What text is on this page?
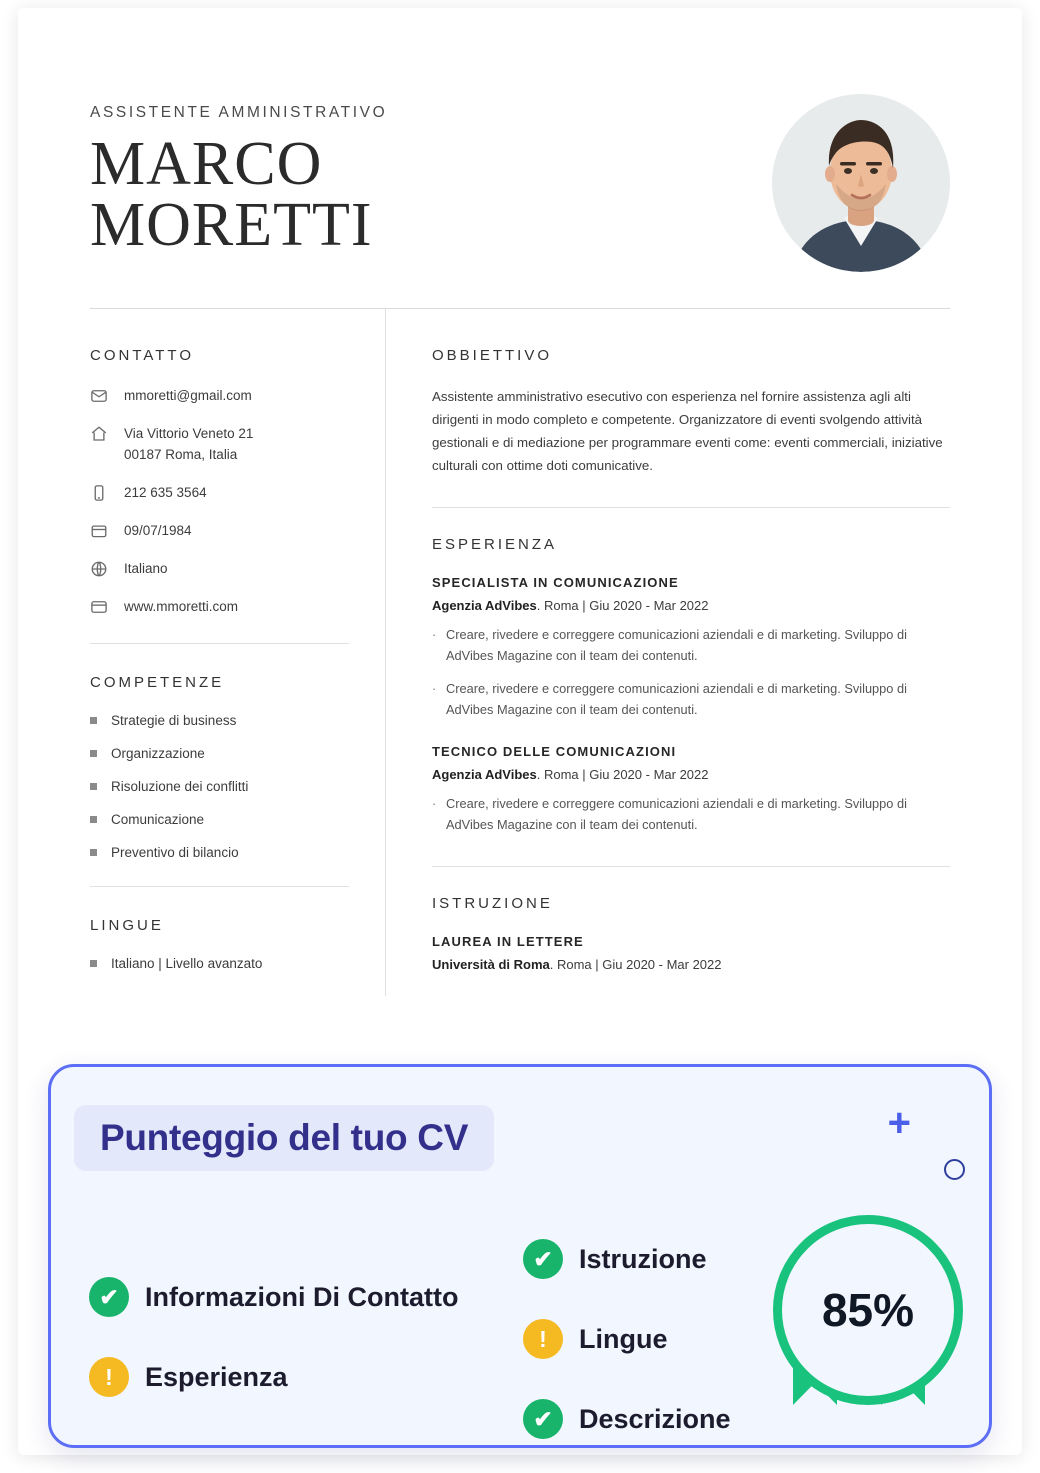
ASSISTENTE AMMINISTRATIVO
MARCO
MORETTI
CONTATTO
mmoretti@gmail.com
Via Vittorio Veneto 21
00187 Roma, Italia
212 635 3564
09/07/1984
Italiano
www.mmoretti.com
COMPETENZE
Strategie di business
Organizzazione
Risoluzione dei conflitti
Comunicazione
Preventivo di bilancio
LINGUE
Italiano | Livello avanzato
OBBIETTIVO
Assistente amministrativo esecutivo con esperienza nel fornire assistenza agli alti dirigenti in modo completo e competente. Organizzatore di eventi svolgendo attività gestionali e di mediazione per programmare eventi come: eventi commerciali, iniziative culturali con ottime doti comunicative.
ESPERIENZA
SPECIALISTA IN COMUNICAZIONE
Agenzia AdVibes. Roma | Giu 2020 - Mar 2022
· Creare, rivedere e correggere comunicazioni aziendali e di marketing. Sviluppo di AdVibes Magazine con il team dei contenuti.
· Creare, rivedere e correggere comunicazioni aziendali e di marketing. Sviluppo di AdVibes Magazine con il team dei contenuti.
TECNICO DELLE COMUNICAZIONI
Agenzia AdVibes. Roma | Giu 2020 - Mar 2022
· Creare, rivedere e correggere comunicazioni aziendali e di marketing. Sviluppo di AdVibes Magazine con il team dei contenuti.
ISTRUZIONE
LAUREA IN LETTERE
Università di Roma. Roma | Giu 2020 - Mar 2022
Punteggio del tuo CV	+
✔ Informazioni Di Contatto
!	Esperienza
✔ Istruzione
!	Lingue
✔ Descrizione
85%
